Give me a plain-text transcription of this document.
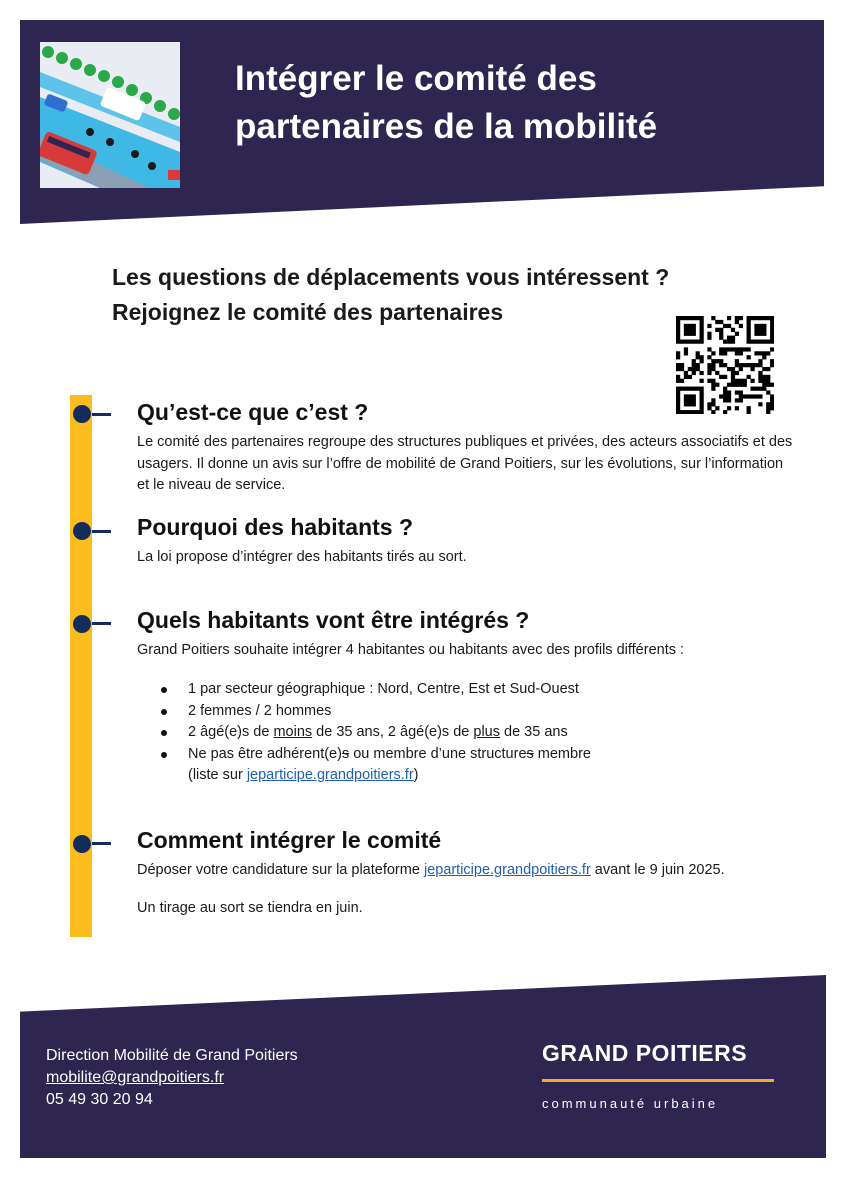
Intégrer le comité des partenaires de la mobilité
Les questions de déplacements vous intéressent ?
Rejoignez le comité des partenaires
Qu’est-ce que c’est ?
Le comité des partenaires regroupe des structures publiques et privées, des acteurs associatifs et des usagers. Il donne un avis sur l’offre de mobilité de Grand Poitiers, sur les évolutions, sur l’information et le niveau de service.
Pourquoi des habitants ?
La loi propose d’intégrer des habitants tirés au sort.
Quels habitants vont être intégrés ?
Grand Poitiers souhaite intégrer 4 habitantes ou habitants avec des profils différents :
1 par secteur géographique : Nord, Centre, Est et Sud-Ouest
2 femmes / 2 hommes
2 âgé(e)s de moins de 35 ans, 2 âgé(e)s de plus de 35 ans
Ne pas être adhérent(e)s ou membre d’une structures membre
(liste sur jeparticipe.grandpoitiers.fr)
Comment intégrer le comité
Déposer votre candidature sur la plateforme jeparticipe.grandpoitiers.fr avant le 9 juin 2025.
Un tirage au sort se tiendra en juin.
Direction Mobilité de Grand Poitiers
mobilite@grandpoitiers.fr
05 49 30 20 94
GRAND POITIERS
communauté urbaine
